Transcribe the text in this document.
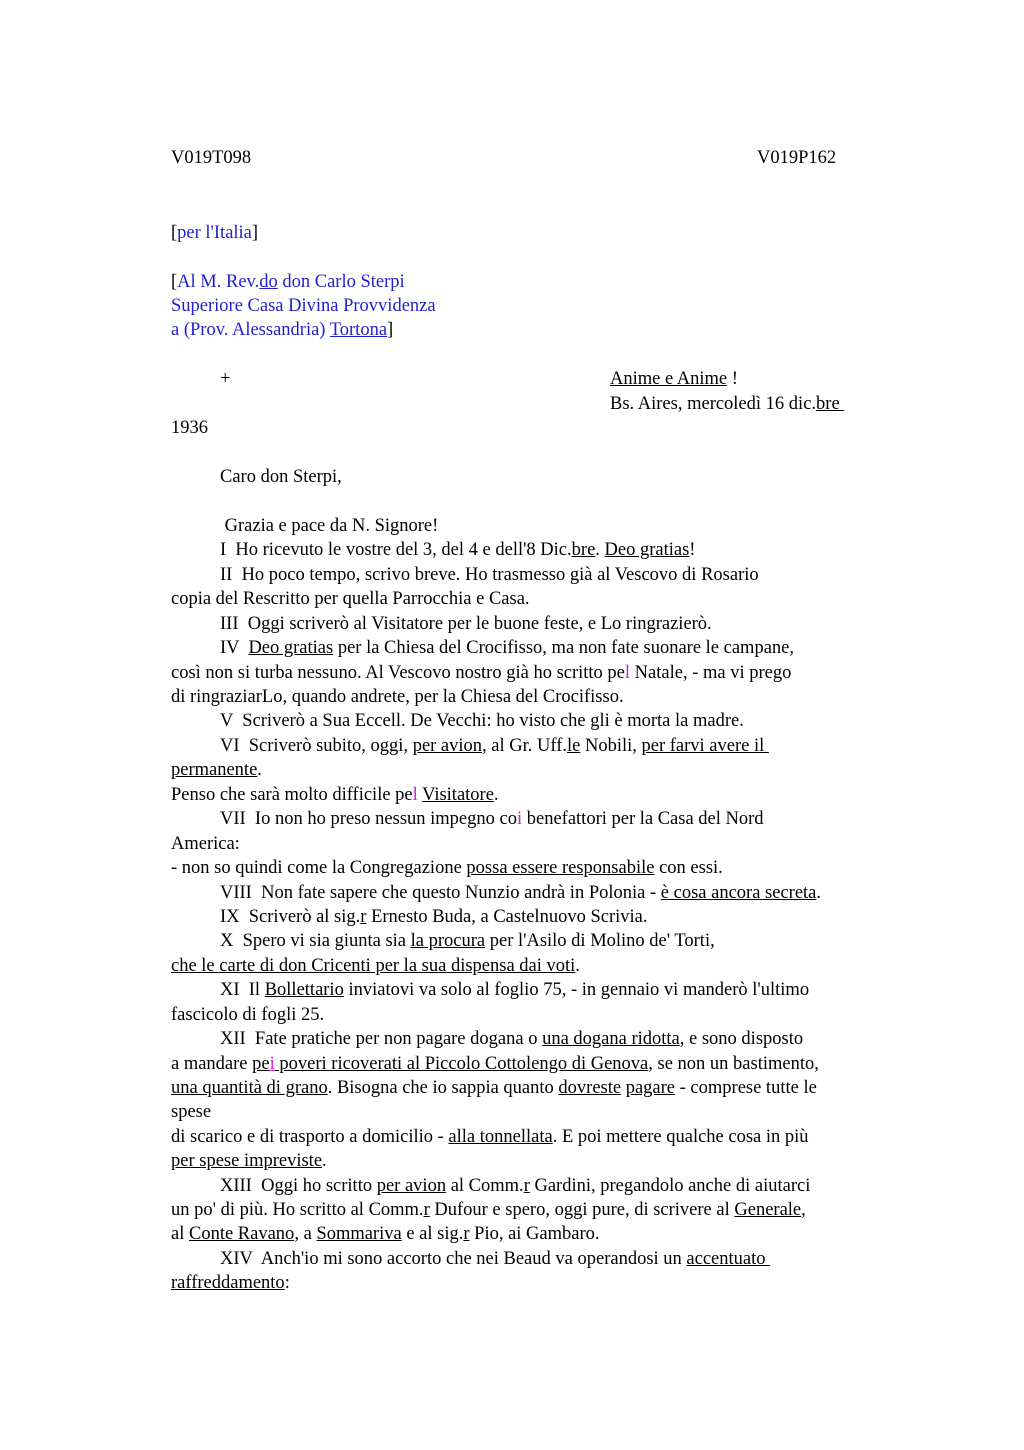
V019T098	V019P162
[per l'Italia]
[Al M. Rev.do don Carlo Sterpi
Superiore Casa Divina Provvidenza
a (Prov. Alessandria) Tortona]
+	Anime e Anime !
Bs. Aires, mercoledì 16 dic.bre
1936
Caro don Sterpi,
Grazia e pace da N. Signore!
I  Ho ricevuto le vostre del 3, del 4 e dell'8 Dic.bre. Deo gratias!
II  Ho poco tempo, scrivo breve. Ho trasmesso già al Vescovo di Rosario
copia del Rescritto per quella Parrocchia e Casa.
III  Oggi scriverò al Visitatore per le buone feste, e Lo ringrazierò.
IV  Deo gratias per la Chiesa del Crocifisso, ma non fate suonare le campane,
così non si turba nessuno. Al Vescovo nostro già ho scritto pel Natale, - ma vi prego
di ringraziarLo, quando andrete, per la Chiesa del Crocifisso.
V  Scriverò a Sua Eccell. De Vecchi: ho visto che gli è morta la madre.
VI  Scriverò subito, oggi, per avion, al Gr. Uff.le Nobili, per farvi avere il
permanente.
Penso che sarà molto difficile pel Visitatore.
VII  Io non ho preso nessun impegno coi benefattori per la Casa del Nord
America:
- non so quindi come la Congregazione possa essere responsabile con essi.
VIII  Non fate sapere che questo Nunzio andrà in Polonia - è cosa ancora secreta.
IX  Scriverò al sig.r Ernesto Buda, a Castelnuovo Scrivia.
X  Spero vi sia giunta sia la procura per l'Asilo di Molino de' Torti,
che le carte di don Cricenti per la sua dispensa dai voti.
XI  Il Bollettario inviatovi va solo al foglio 75, - in gennaio vi manderò l'ultimo
fascicolo di fogli 25.
XII  Fate pratiche per non pagare dogana o una dogana ridotta, e sono disposto
a mandare pei poveri ricoverati al Piccolo Cottolengo di Genova, se non un bastimento,
una quantità di grano. Bisogna che io sappia quanto dovreste pagare - comprese tutte le
spese
di scarico e di trasporto a domicilio - alla tonnellata. E poi mettere qualche cosa in più
per spese impreviste.
XIII  Oggi ho scritto per avion al Comm.r Gardini, pregandolo anche di aiutarci
un po' di più. Ho scritto al Comm.r Dufour e spero, oggi pure, di scrivere al Generale,
al Conte Ravano, a Sommariva e al sig.r Pio, ai Gambaro.
XIV  Anch'io mi sono accorto che nei Beaud va operandosi un accentuato
raffreddamento:
